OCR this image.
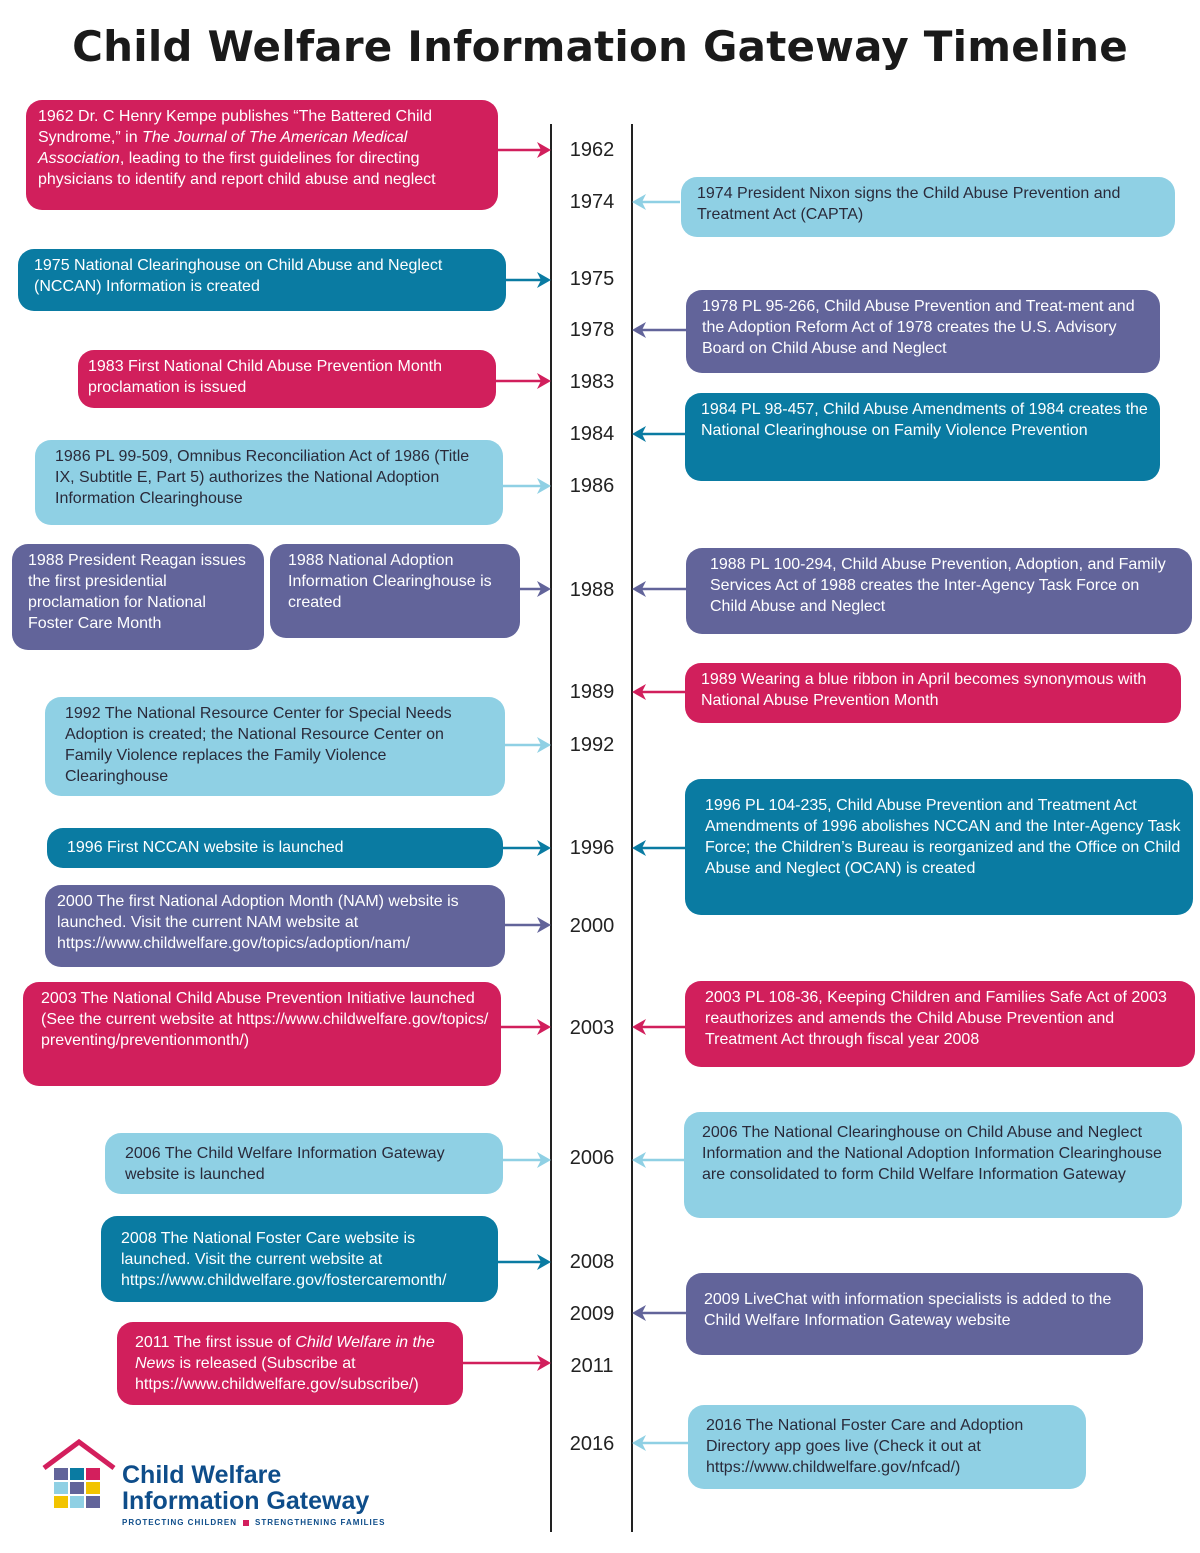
Child Welfare Information Gateway Timeline
1962
1974
1975
1978
1983
1984
1986
1988
1989
1992
1996
2000
2003
2006
2008
2009
2011
2016
1962 Dr. C Henry Kempe publishes “The Battered Child Syndrome,” in The Journal of The American Medical Association, leading to the first guidelines for directing physicians to identify and report child abuse and neglect
1974 President Nixon signs the Child Abuse Prevention and Treatment Act (CAPTA)
1975 National Clearinghouse on Child Abuse and Neglect (NCCAN) Information is created
1978 PL 95-266, Child Abuse Prevention and Treat-ment and the Adoption Reform Act of 1978 creates the U.S. Advisory Board on Child Abuse and Neglect
1983 First National Child Abuse Prevention Month proclamation is issued
1984 PL 98-457, Child Abuse Amendments of 1984 creates the National Clearinghouse on Family Violence Prevention
1986 PL 99-509, Omnibus Reconciliation Act of 1986 (Title IX, Subtitle E, Part 5) authorizes the National Adoption Information Clearinghouse
1988 President Reagan issues the first presidential proclamation for National Foster Care Month
1988 National Adoption Information Clearinghouse is created
1988 PL 100-294, Child Abuse Prevention, Adoption, and Family Services Act of 1988 creates the Inter-Agency Task Force on Child Abuse and Neglect
1989 Wearing a blue ribbon in April becomes synonymous with National Abuse Prevention Month
1992 The National Resource Center for Special Needs Adoption is created; the National Resource Center on Family Violence replaces the Family Violence Clearinghouse
1996 First NCCAN website is launched
1996 PL 104-235, Child Abuse Prevention and Treatment Act Amendments of 1996 abolishes NCCAN and the Inter-Agency Task Force; the Children’s Bureau is reorganized and the Office on Child Abuse and Neglect (OCAN) is created
2000 The first National Adoption Month (NAM) website is launched. Visit the current NAM website at https://www.childwelfare.gov/topics/adoption/nam/
2003 The National Child Abuse Prevention Initiative launched (See the current website at https://www.childwelfare.gov/topics/preventing/preventionmonth/)
2003 PL 108-36, Keeping Children and Families Safe Act of 2003 reauthorizes and amends the Child Abuse Prevention and Treatment Act through fiscal year 2008
2006 The Child Welfare Information Gateway website is launched
2006 The National Clearinghouse on Child Abuse and Neglect Information and the National Adoption Information Clearinghouse are consolidated to form Child Welfare Information Gateway
2008 The National Foster Care website is launched. Visit the current website at https://www.childwelfare.gov/fostercaremonth/
2009 LiveChat with information specialists is added to the Child Welfare Information Gateway website
2011 The first issue of Child Welfare in the News is released (Subscribe at https://www.childwelfare.gov/subscribe/)
2016 The National Foster Care and Adoption Directory app goes live (Check it out at https://www.childwelfare.gov/nfcad/)
Child Welfare
Information Gateway
PROTECTING CHILDREN STRENGTHENING FAMILIES
